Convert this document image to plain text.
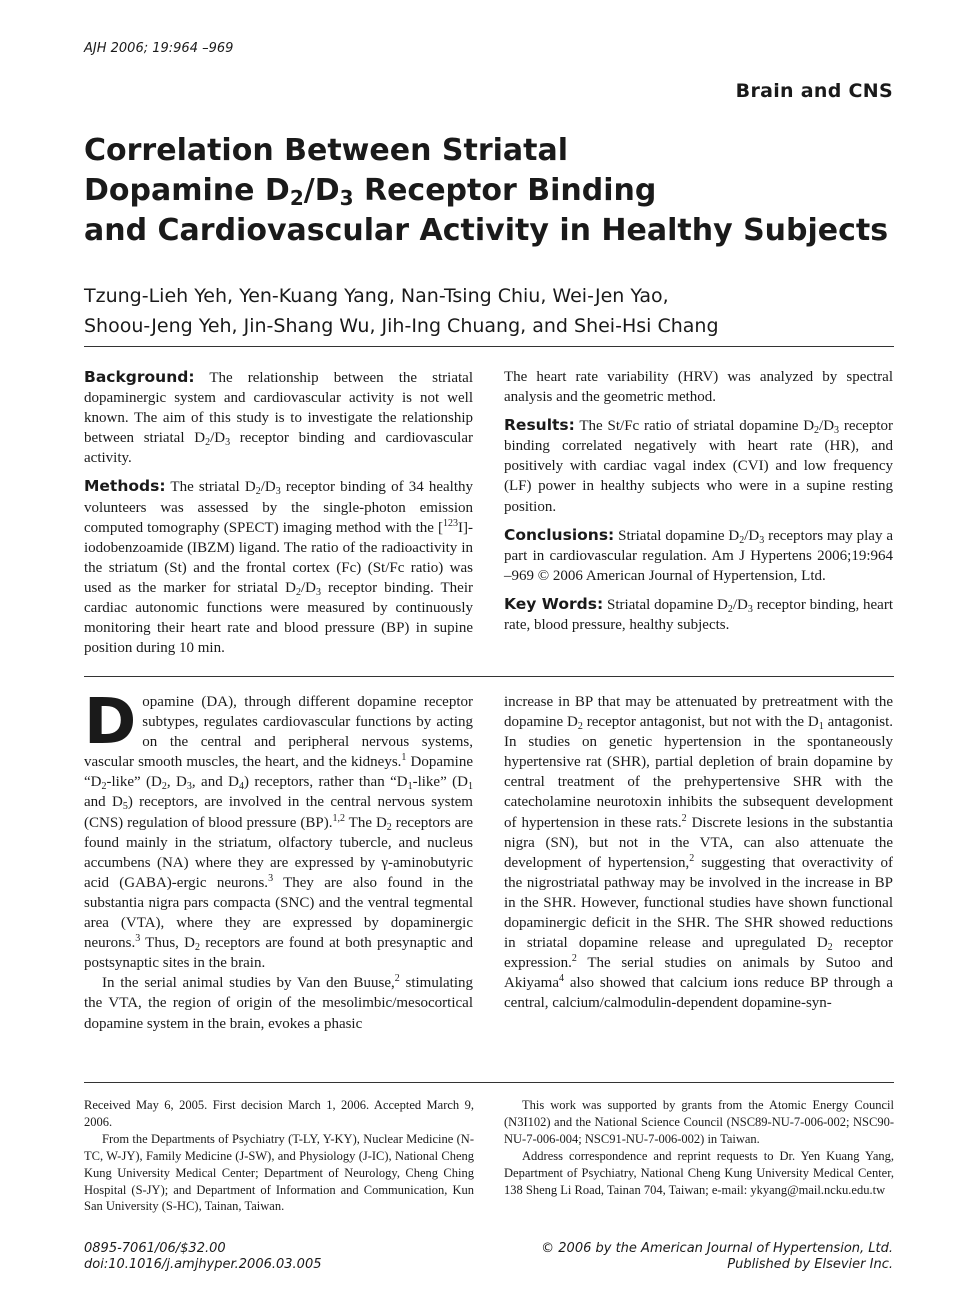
AJH 2006; 19:964 –969
Brain and CNS
Correlation Between Striatal
Dopamine $D_2/D_3$ Receptor Binding
and Cardiovascular Activity in Healthy Subjects
Tzung-Lieh Yeh, Yen-Kuang Yang, Nan-Tsing Chiu, Wei-Jen Yao,
Shoou-Jeng Yeh, Jin-Shang Wu, Jih-Ing Chuang, and Shei-Hsi Chang

Background: The relationship between the striatal dopaminergic system and cardiovascular activity is not well known. The aim of this study is to investigate the relationship between striatal $D_2/D_3$ receptor binding and cardiovascular activity.

Methods: The striatal $D_2/D_3$ receptor binding of 34 healthy volunteers was assessed by the single-photon emission computed tomography (SPECT) imaging method with the [$^{123}$I]-iodobenzoamide (IBZM) ligand. The ratio of the radioactivity in the striatum (St) and the frontal cortex (Fc) (St/Fc ratio) was used as the marker for striatal $D_2/D_3$ receptor binding. Their cardiac autonomic functions were measured by continuously monitoring their heart rate and blood pressure (BP) in supine position during 10 min.

The heart rate variability (HRV) was analyzed by spectral analysis and the geometric method.

Results: The St/Fc ratio of striatal dopamine $D_2/D_3$ receptor binding correlated negatively with heart rate (HR), and positively with cardiac vagal index (CVI) and low frequency (LF) power in healthy subjects who were in a supine resting position.

Conclusions: Striatal dopamine $D_2/D_3$ receptors may play a part in cardiovascular regulation. Am J Hypertens 2006;19:964 –969 © 2006 American Journal of Hypertension, Ltd.

Key Words: Striatal dopamine $D_2/D_3$ receptor binding, heart rate, blood pressure, healthy subjects.

Dopamine (DA), through different dopamine receptor subtypes, regulates cardiovascular functions by acting on the central and peripheral nervous systems, vascular smooth muscles, the heart, and the kidneys.$^1$ Dopamine “$D_2$-like” ($D_2$, $D_3$, and $D_4$) receptors, rather than “$D_1$-like” ($D_1$ and $D_5$) receptors, are involved in the central nervous system (CNS) regulation of blood pressure (BP).$^{1,2}$ The $D_2$ receptors are found mainly in the striatum, olfactory tubercle, and nucleus accumbens (NA) where they are expressed by γ-aminobutyric acid (GABA)-ergic neurons.$^3$ They are also found in the substantia nigra pars compacta (SNC) and the ventral tegmental area (VTA), where they are expressed by dopaminergic neurons.$^3$ Thus, $D_2$ receptors are found at both presynaptic and postsynaptic sites in the brain.

In the serial animal studies by Van den Buuse,$^2$ stimulating the VTA, the region of origin of the mesolimbic/mesocortical dopamine system in the brain, evokes a phasic

increase in BP that may be attenuated by pretreatment with the dopamine $D_2$ receptor antagonist, but not with the $D_1$ antagonist. In studies on genetic hypertension in the spontaneously hypertensive rat (SHR), partial depletion of brain dopamine by central treatment of the prehypertensive SHR with the catecholamine neurotoxin inhibits the subsequent development of hypertension in these rats.$^2$ Discrete lesions in the substantia nigra (SN), but not in the VTA, can also attenuate the development of hypertension,$^2$ suggesting that overactivity of the nigrostriatal pathway may be involved in the increase in BP in the SHR. However, functional studies have shown functional dopaminergic deficit in the SHR. The SHR showed reductions in striatal dopamine release and upregulated $D_2$ receptor expression.$^2$ The serial studies on animals by Sutoo and Akiyama$^4$ also showed that calcium ions reduce BP through a central, calcium/calmodulin-dependent dopamine-syn-

Received May 6, 2005. First decision March 1, 2006. Accepted March 9, 2006.

From the Departments of Psychiatry (T-LY, Y-KY), Nuclear Medicine (N-TC, W-JY), Family Medicine (J-SW), and Physiology (J-IC), National Cheng Kung University Medical Center; Department of Neurology, Cheng Ching Hospital (S-JY); and Department of Information and Communication, Kun San University (S-HC), Tainan, Taiwan.

This work was supported by grants from the Atomic Energy Council (N3I102) and the National Science Council (NSC89-NU-7-006-002; NSC90-NU-7-006-004; NSC91-NU-7-006-002) in Taiwan.

Address correspondence and reprint requests to Dr. Yen Kuang Yang, Department of Psychiatry, National Cheng Kung University Medical Center, 138 Sheng Li Road, Tainan 704, Taiwan; e-mail: ykyang@mail.ncku.edu.tw

0895-7061/06/$32.00
doi:10.1016/j.amjhyper.2006.03.005
© 2006 by the American Journal of Hypertension, Ltd.
Published by Elsevier Inc.
